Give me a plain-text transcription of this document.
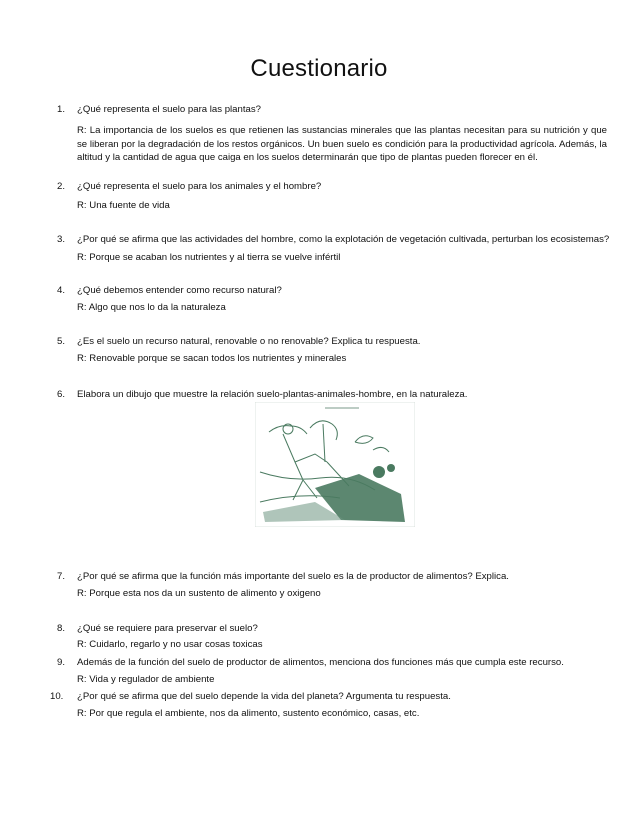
Cuestionario
1.	¿Qué representa el suelo para las plantas?
R: La importancia de los suelos es que retienen las sustancias minerales que las plantas necesitan para su nutrición y que se liberan por la degradación de los restos orgánicos. Un buen suelo es condición para la productividad agrícola. Además, la altitud y la cantidad de agua que caiga en los suelos determinarán que tipo de plantas pueden florecer en él.
2.	¿Qué representa el suelo para los animales y el hombre?
R: Una fuente de vida
3.	¿Por qué se afirma que las actividades del hombre, como la explotación de vegetación cultivada, perturban los ecosistemas?
R: Porque se acaban los nutrientes y al tierra se vuelve infértil
4.	¿Qué debemos entender como recurso natural?
R: Algo que nos lo da la naturaleza
5.	¿Es el suelo un recurso natural, renovable o no renovable? Explica tu respuesta.
R: Renovable porque se sacan todos los nutrientes y minerales
6.	Elabora un dibujo que muestre la relación suelo-plantas-animales-hombre, en la naturaleza.
7.	¿Por qué se afirma que la función más importante del suelo es la de productor de alimentos? Explica.
R: Porque esta nos da un sustento de alimento y oxigeno
8.	¿Qué se requiere para preservar el suelo?
R: Cuidarlo, regarlo y no usar cosas toxicas
9.	Además de la función del suelo de productor de alimentos, menciona dos funciones más que cumpla este recurso.
R: Vida y regulador de ambiente
10.	¿Por qué se afirma que del suelo depende la vida del planeta? Argumenta tu respuesta.
R: Por que regula el ambiente, nos da alimento, sustento económico, casas, etc.
